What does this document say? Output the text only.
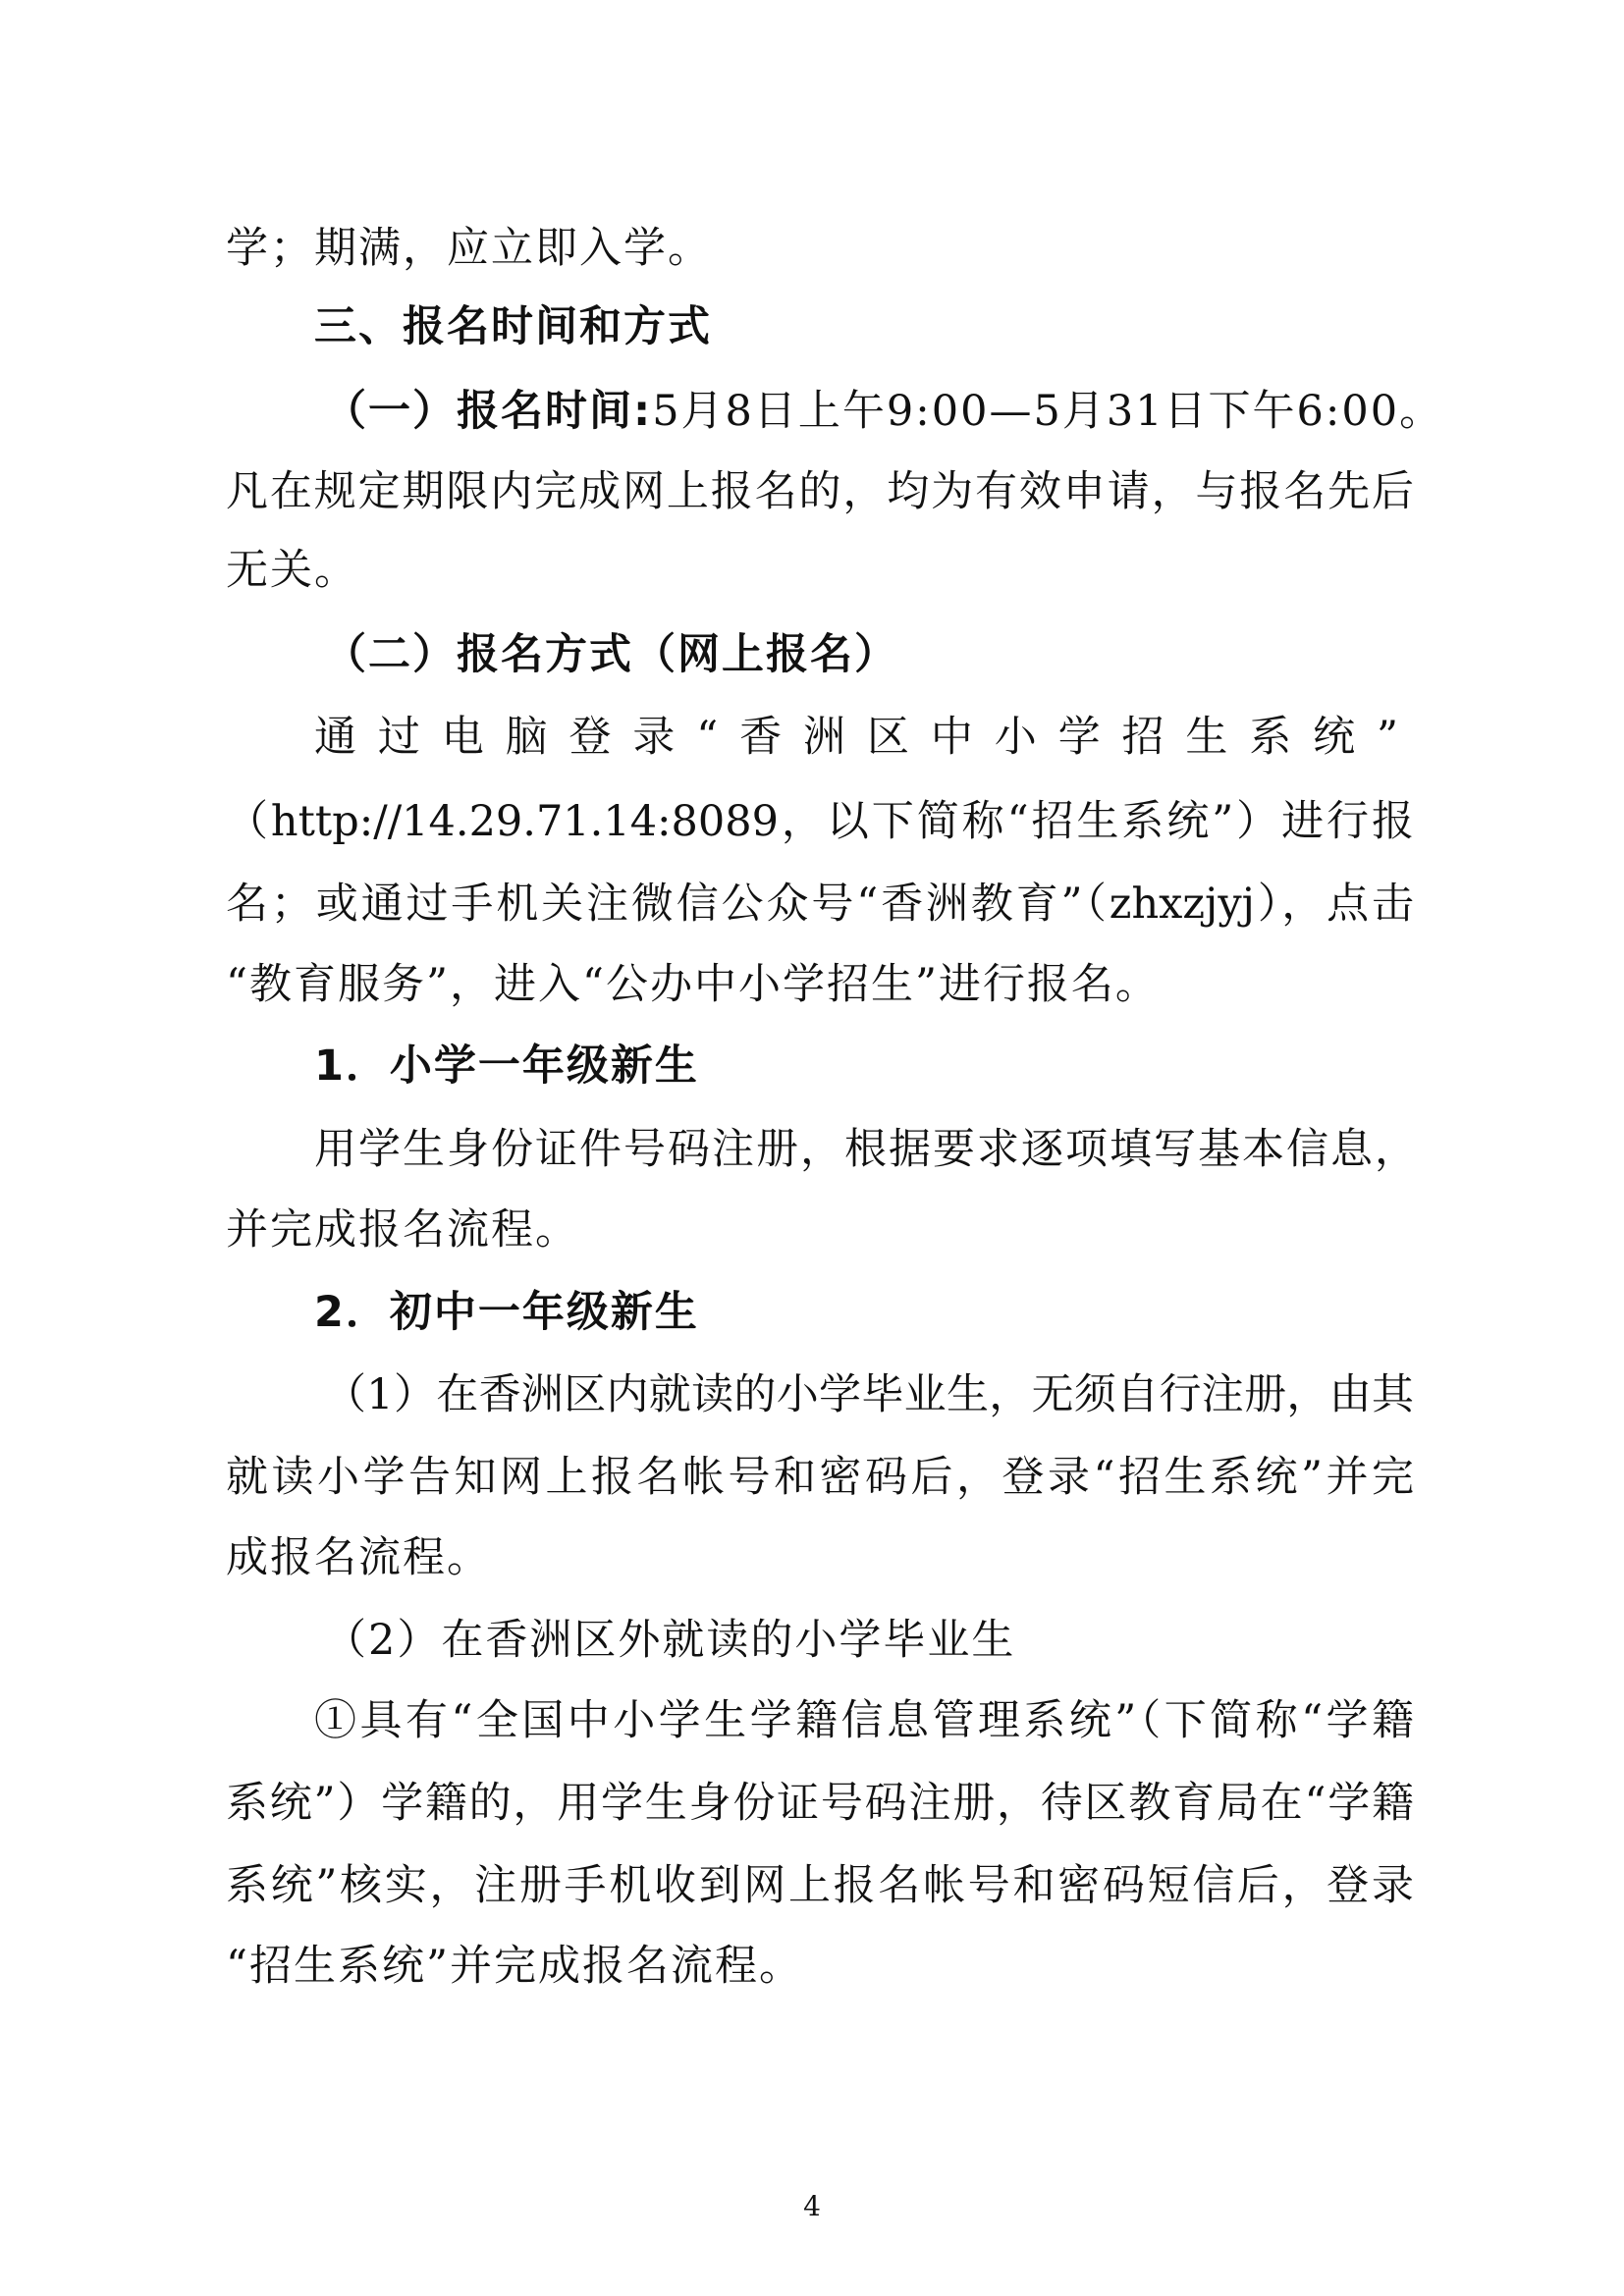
学；期满，应立即入学。
三、报名时间和方式
（一）报名时间:5月8日上午9:00—5月31日下午6:00。
凡在规定期限内完成网上报名的，均为有效申请，与报名先后
无关。
（二）报名方式（网上报名）
通过电脑登录“香洲区中小学招生系统”
（http://14.29.71.14:8089，以下简称“招生系统”）进行报
名；或通过手机关注微信公众号“香洲教育”（zhxzjyj），点击
“教育服务”，进入“公办中小学招生”进行报名。
1．小学一年级新生
用学生身份证件号码注册，根据要求逐项填写基本信息，
并完成报名流程。
2．初中一年级新生
（1）在香洲区内就读的小学毕业生，无须自行注册，由其
就读小学告知网上报名帐号和密码后，登录“招生系统”并完
成报名流程。
（2）在香洲区外就读的小学毕业生
①具有“全国中小学生学籍信息管理系统”（下简称“学籍
系统”）学籍的，用学生身份证号码注册，待区教育局在“学籍
系统”核实，注册手机收到网上报名帐号和密码短信后，登录
“招生系统”并完成报名流程。
4
